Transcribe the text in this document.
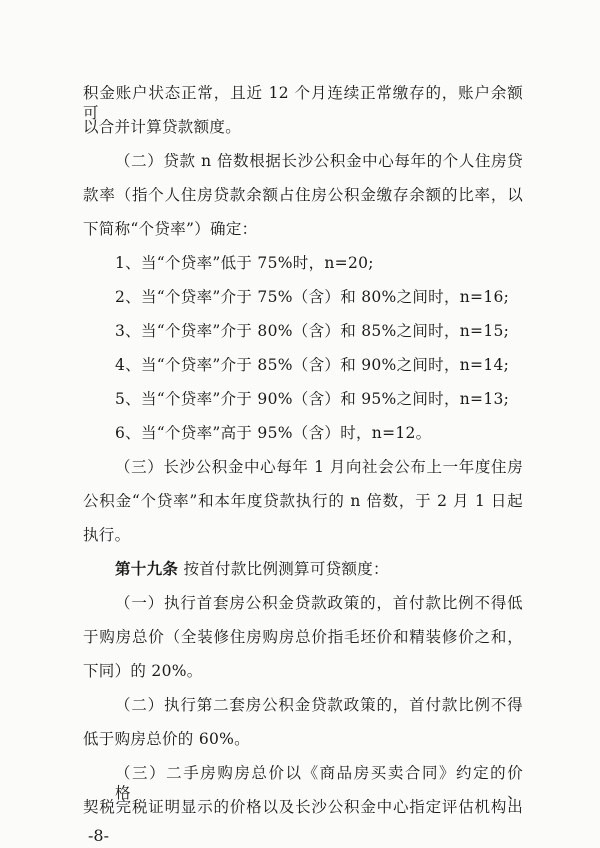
积金账户状态正常，且近 12 个月连续正常缴存的，账户余额可
以合并计算贷款额度。
（二）贷款 n 倍数根据长沙公积金中心每年的个人住房贷
款率（指个人住房贷款余额占住房公积金缴存余额的比率，以
下简称“个贷率”）确定：
1、当“个贷率”低于 75%时，n=20;
2、当“个贷率”介于 75%（含）和 80%之间时，n=16;
3、当“个贷率”介于 80%（含）和 85%之间时，n=15;
4、当“个贷率”介于 85%（含）和 90%之间时，n=14;
5、当“个贷率”介于 90%（含）和 95%之间时，n=13;
6、当“个贷率”高于 95%（含）时，n=12。
（三）长沙公积金中心每年 1 月向社会公布上一年度住房
公积金“个贷率”和本年度贷款执行的 n 倍数，于 2 月 1 日起
执行。
第十九条 按首付款比例测算可贷额度：
（一）执行首套房公积金贷款政策的，首付款比例不得低
于购房总价（全装修住房购房总价指毛坯价和精装修价之和，
下同）的 20%。
（二）执行第二套房公积金贷款政策的，首付款比例不得
低于购房总价的 60%。
（三）二手房购房总价以《商品房买卖合同》约定的价格、
契税完税证明显示的价格以及长沙公积金中心指定评估机构出
-8-
